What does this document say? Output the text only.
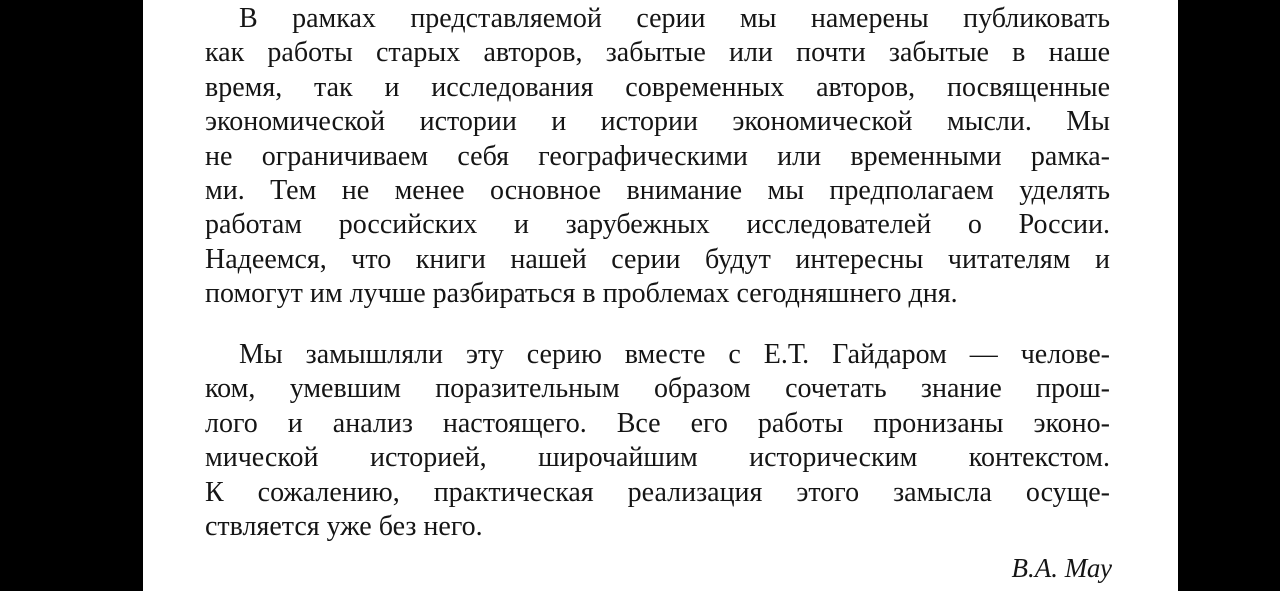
В рамках представляемой серии мы намерены публиковать
как работы старых авторов, забытые или почти забытые в наше
время, так и исследования современных авторов, посвященные
экономической истории и истории экономической мысли. Мы
не ограничиваем себя географическими или временными рамка-
ми. Тем не менее основное внимание мы предполагаем уделять
работам российских и зарубежных исследователей о России.
Надеемся, что книги нашей серии будут интересны читателям и
помогут им лучше разбираться в проблемах сегодняшнего дня.
Мы замышляли эту серию вместе с Е.Т. Гайдаром — челове-
ком, умевшим поразительным образом сочетать знание прош-
лого и анализ настоящего. Все его работы пронизаны эконо-
мической историей, широчайшим историческим контекстом.
К сожалению, практическая реализация этого замысла осуще-
ствляется уже без него.
В.А. Мау
